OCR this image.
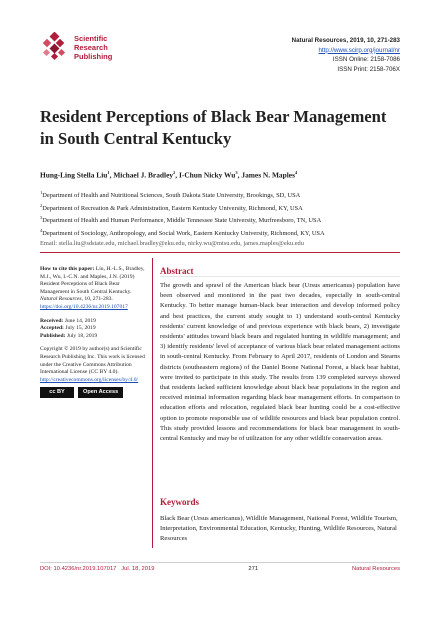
Scientific
Research
Publishing
Natural Resources, 2019, 10, 271-283
http://www.scirp.org/journal/nr
ISSN Online: 2158-7086
ISSN Print: 2158-706X
Resident Perceptions of Black Bear Management in South Central Kentucky
Hung-Ling Stella Liu$^1$, Michael J. Bradley$^2$, I-Chun Nicky Wu$^3$, James N. Maples$^4$
$^1$Department of Health and Nutritional Sciences, South Dakota State University, Brookings, SD, USA
$^2$Department of Recreation & Park Administration, Eastern Kentucky University, Richmond, KY, USA
$^3$Department of Health and Human Performance, Middle Tennessee State University, Murfreesboro, TN, USA
$^4$Department of Sociology, Anthropology, and Social Work, Eastern Kentucky University, Richmond, KY, USA
Email: stella.liu@sdstate.edu, michael.bradley@eku.edu, nicky.wu@mtsu.edu, james.maples@eku.edu
How to cite this paper: Liu, H.-L.S., Bradley, M.J., Wu, I.-C.N. and Maples, J.N. (2019) Resident Perceptions of Black Bear Management in South Central Kentucky. Natural Resources, 10, 271-283.
https://doi.org/10.4236/nr.2019.107017
Received: June 14, 2019
Accepted: July 15, 2019
Published: July 18, 2019
Copyright © 2019 by author(s) and Scientific Research Publishing Inc. This work is licensed under the Creative Commons Attribution International License (CC BY 4.0).
http://creativecommons.org/licenses/by/4.0/
cc BY	Open Access
Abstract
The growth and sprawl of the American black bear (Ursus americanus) population have been observed and monitored in the past two decades, especially in south-central Kentucky. To better manage human-black bear interaction and develop informed policy and best practices, the current study sought to 1) understand south-central Kentucky residents' current knowledge of and previous experience with black bears, 2) investigate residents' attitudes toward black bears and regulated hunting in wildlife management; and 3) identify residents' level of acceptance of various black bear related management actions in south-central Kentucky. From February to April 2017, residents of London and Stearns districts (southeastern regions) of the Daniel Boone National Forest, a black bear habitat, were invited to participate in this study. The results from 139 completed surveys showed that residents lacked sufficient knowledge about black bear populations in the region and received minimal information regarding black bear management efforts. In comparison to education efforts and relocation, regulated black bear hunting could be a cost-effective option to promote responsible use of wildlife resources and black bear population control. This study provided lessons and recommendations for black bear management in south-central Kentucky and may be of utilization for any other wildlife conservation areas.
Keywords
Black Bear (Ursus americanus), Wildlife Management, National Forest, Wildlife Tourism, Interpretation, Environmental Education, Kentucky, Hunting, Wildlife Resources, Natural Resources
DOI: 10.4236/nr.2019.107017 Jul. 18, 2019	271	Natural Resources
